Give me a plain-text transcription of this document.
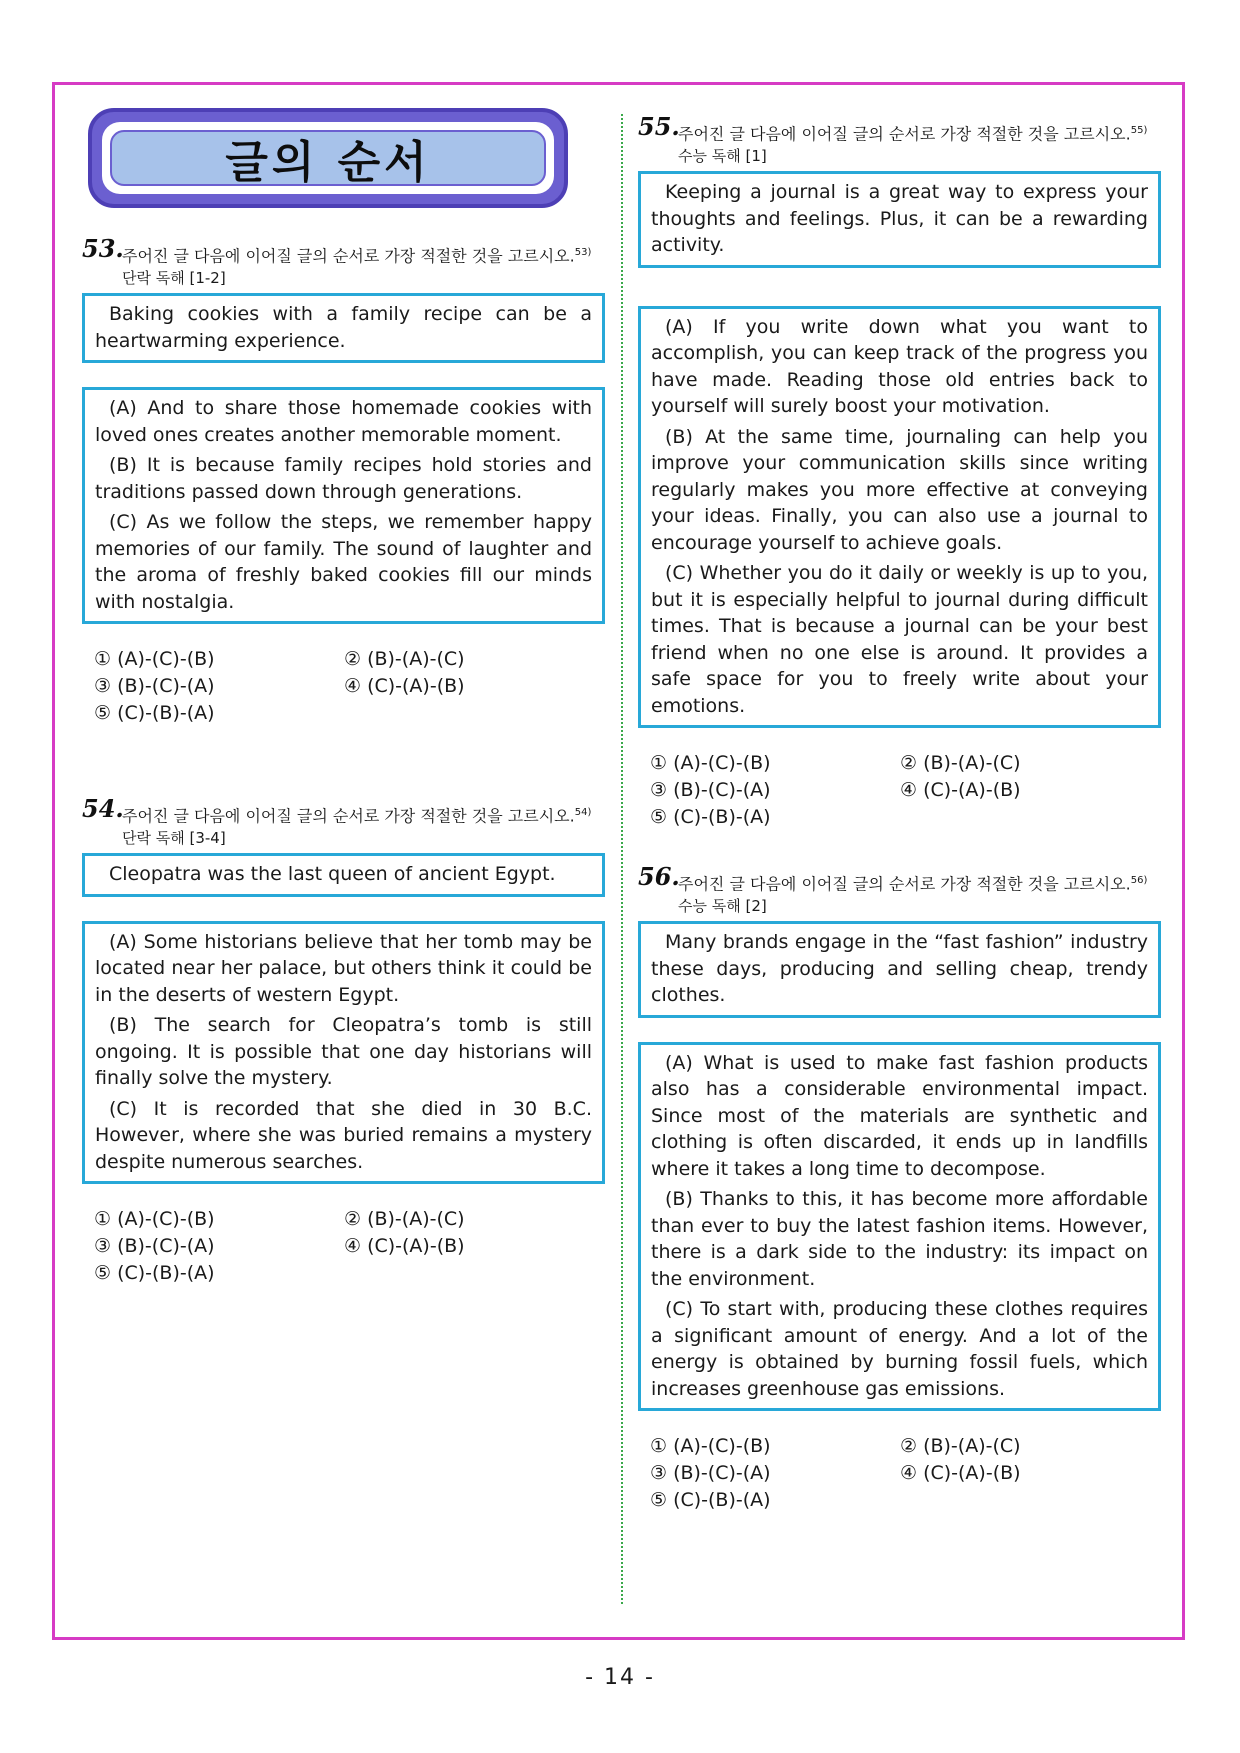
글의 순서
53.
주어진 글 다음에 이어질 글의 순서로 가장 적절한 것을 고르시오.$^{53)}$
단락 독해 [1-2]

Baking cookies with a family recipe can be a heartwarming experience.

(A) And to share those homemade cookies with loved ones creates another memorable moment.

(B) It is because family recipes hold stories and traditions passed down through generations.

(C) As we follow the steps, we remember happy memories of our family. The sound of laughter and the aroma of freshly baked cookies fill our minds with nostalgia.

① (A)-(C)-(B)	② (B)-(A)-(C)
③ (B)-(C)-(A)	④ (C)-(A)-(B)
⑤ (C)-(B)-(A)
54.
주어진 글 다음에 이어질 글의 순서로 가장 적절한 것을 고르시오.$^{54)}$
단락 독해 [3-4]

Cleopatra was the last queen of ancient Egypt.

(A) Some historians believe that her tomb may be located near her palace, but others think it could be in the deserts of western Egypt.

(B) The search for Cleopatra’s tomb is still ongoing. It is possible that one day historians will finally solve the mystery.

(C) It is recorded that she died in 30 B.C. However, where she was buried remains a mystery despite numerous searches.

① (A)-(C)-(B)	② (B)-(A)-(C)
③ (B)-(C)-(A)	④ (C)-(A)-(B)
⑤ (C)-(B)-(A)
55.
주어진 글 다음에 이어질 글의 순서로 가장 적절한 것을 고르시오.$^{55)}$
수능 독해 [1]

Keeping a journal is a great way to express your thoughts and feelings. Plus, it can be a rewarding activity.

(A) If you write down what you want to accomplish, you can keep track of the progress you have made. Reading those old entries back to yourself will surely boost your motivation.

(B) At the same time, journaling can help you improve your communication skills since writing regularly makes you more effective at conveying your ideas. Finally, you can also use a journal to encourage yourself to achieve goals.

(C) Whether you do it daily or weekly is up to you, but it is especially helpful to journal during difficult times. That is because a journal can be your best friend when no one else is around. It provides a safe space for you to freely write about your emotions.

① (A)-(C)-(B)	② (B)-(A)-(C)
③ (B)-(C)-(A)	④ (C)-(A)-(B)
⑤ (C)-(B)-(A)
56.
주어진 글 다음에 이어질 글의 순서로 가장 적절한 것을 고르시오.$^{56)}$
수능 독해 [2]

Many brands engage in the “fast fashion” industry these days, producing and selling cheap, trendy clothes.

(A) What is used to make fast fashion products also has a considerable environmental impact. Since most of the materials are synthetic and clothing is often discarded, it ends up in landfills where it takes a long time to decompose.

(B) Thanks to this, it has become more affordable than ever to buy the latest fashion items. However, there is a dark side to the industry: its impact on the environment.

(C) To start with, producing these clothes requires a significant amount of energy. And a lot of the energy is obtained by burning fossil fuels, which increases greenhouse gas emissions.

① (A)-(C)-(B)	② (B)-(A)-(C)
③ (B)-(C)-(A)	④ (C)-(A)-(B)
⑤ (C)-(B)-(A)
- 14 -
